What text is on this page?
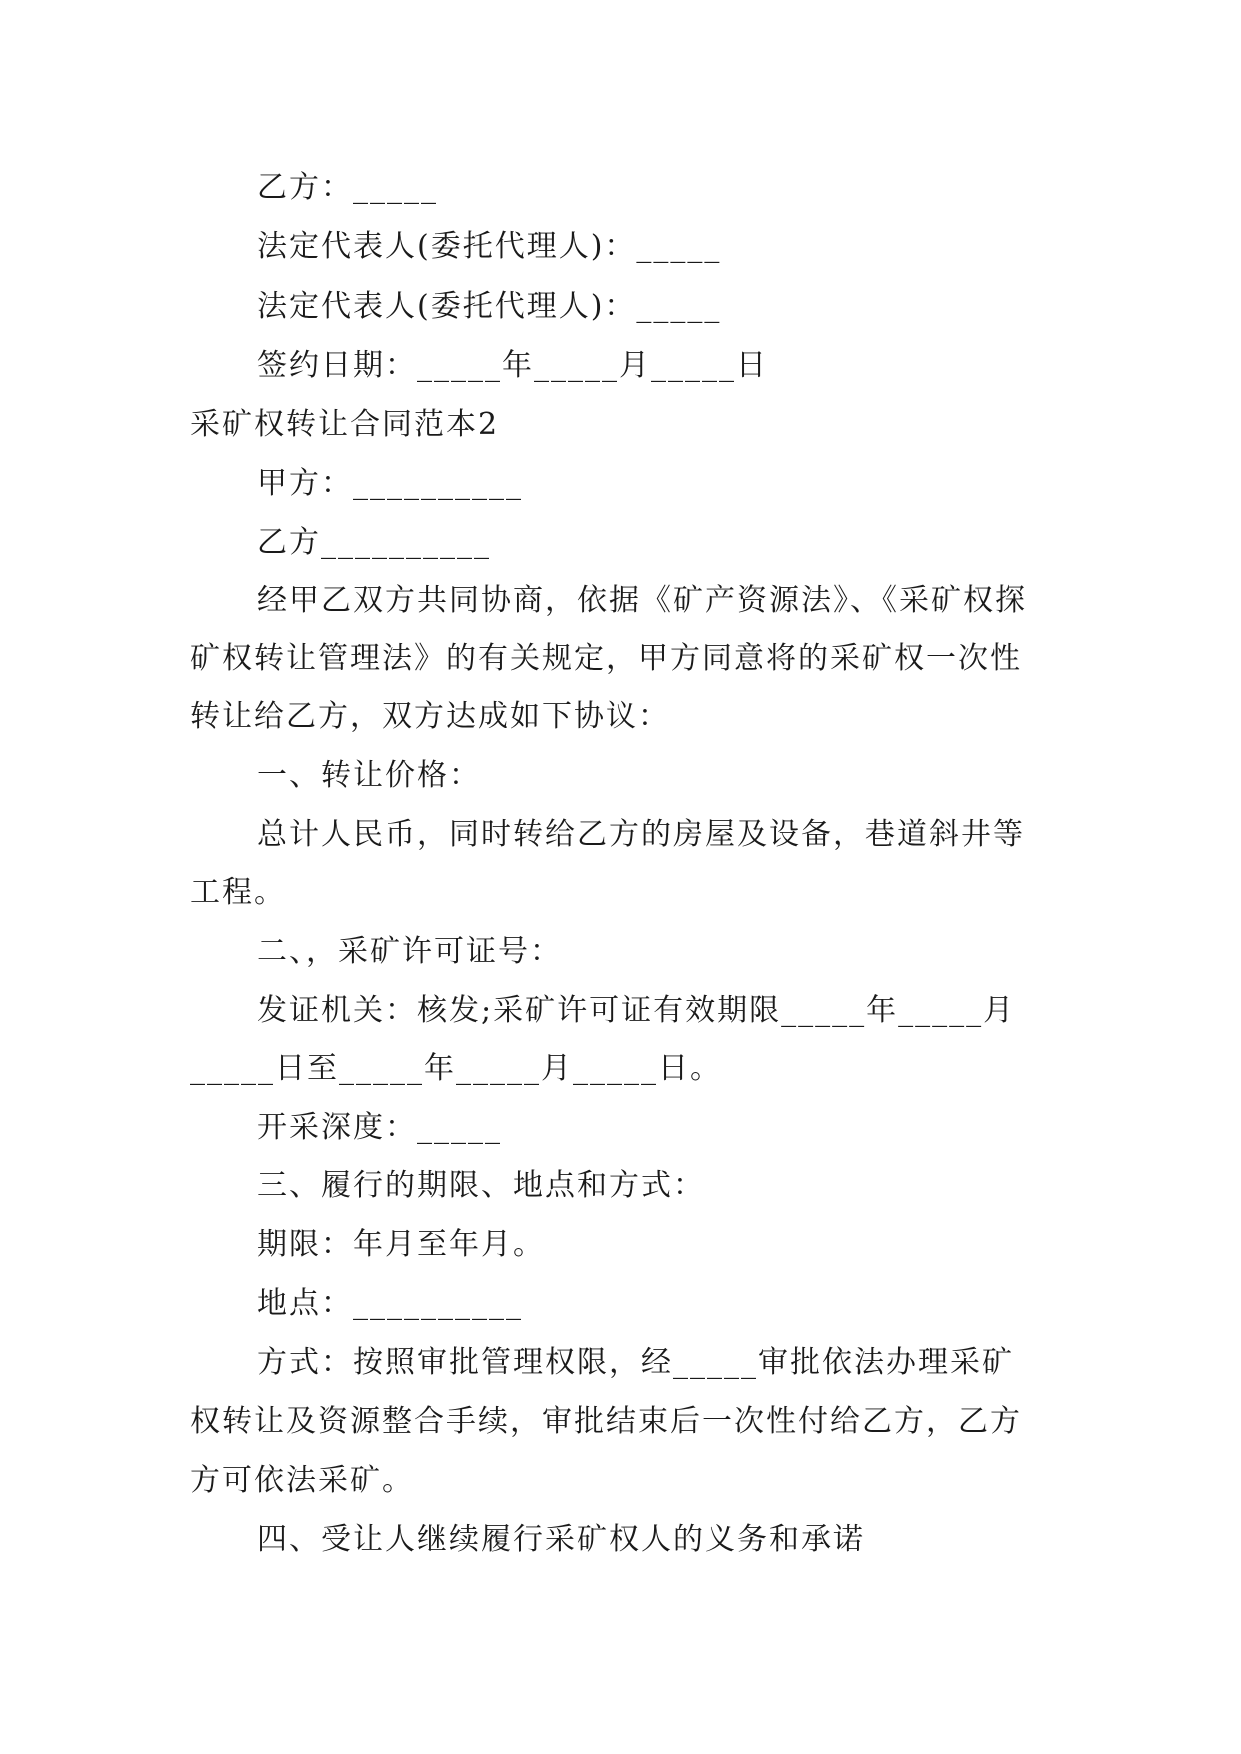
乙方：_____
法定代表人(委托代理人)：_____
法定代表人(委托代理人)：_____
签约日期：_____年_____月_____日
采矿权转让合同范本2
甲方：__________
乙方__________
经甲乙双方共同协商，依据《矿产资源法》、《采矿权探
矿权转让管理法》的有关规定，甲方同意将的采矿权一次性
转让给乙方，双方达成如下协议：
一、转让价格：
总计人民币，同时转给乙方的房屋及设备，巷道斜井等
工程。
二、，采矿许可证号：
发证机关：核发;采矿许可证有效期限_____年_____月
_____日至_____年_____月_____日。
开采深度：_____
三、履行的期限、地点和方式：
期限：年月至年月。
地点：__________
方式：按照审批管理权限，经_____审批依法办理采矿
权转让及资源整合手续，审批结束后一次性付给乙方，乙方
方可依法采矿。
四、受让人继续履行采矿权人的义务和承诺
